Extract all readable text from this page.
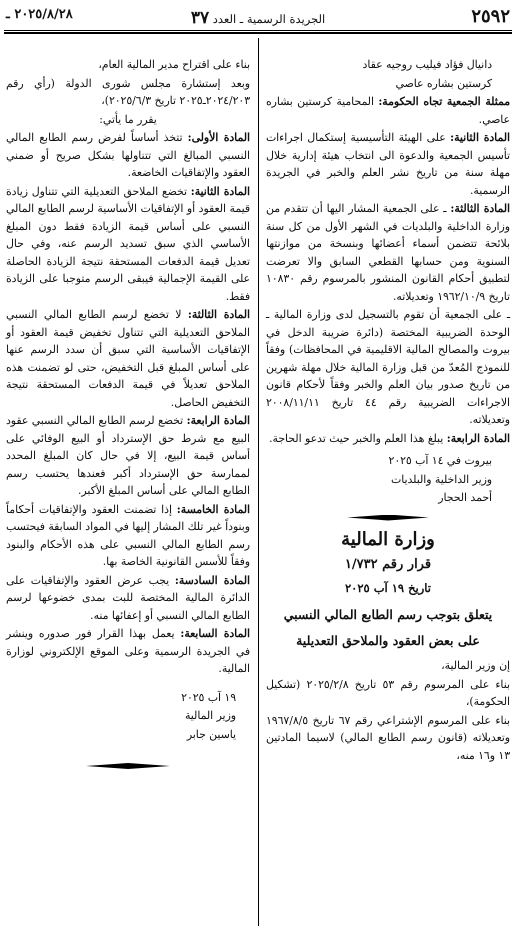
٢٥٩٢
الجريدة الرسمية ـ العدد ٣٧
٢٠٢٥/٨/٢٨ ـ

دانيال فؤاد فيليب روجيه عقاد

كرستين بشاره عاصي

ممثلة الجمعية تجاه الحكومة: المحامية كرستين بشاره عاصي.

المادة الثانية: على الهيئة التأسيسية إستكمال اجراءات تأسيس الجمعية والدعوة الى انتخاب هيئة إدارية خلال مهلة سنة من تاريخ نشر العلم والخبر في الجريدة الرسمية.

المادة الثالثة: ـ على الجمعية المشار اليها أن تتقدم من وزارة الداخلية والبلديات في الشهر الأول من كل سنة بلائحة تتضمن أسماء أعضائها وبنسخة من موازنتها السنوية ومن حسابها القطعي السابق والا تعرضت لتطبيق أحكام القانون المنشور بالمرسوم رقم ١٠٨٣٠ تاريخ ١٩٦٢/١٠/٩ وتعديلاته.

ـ على الجمعية أن تقوم بالتسجيل لدى وزارة المالية ـ الوحدة الضريبية المختصة (دائرة ضريبة الدخل في بيروت والمصالح المالية الاقليمية في المحافظات) وفقاً للنموذج المُعدّ من قبل وزارة المالية خلال مهلة شهرين من تاريخ صدور بيان العلم والخبر وفقاً لأحكام قانون الاجراءات الضريبية رقم ٤٤ تاريخ ٢٠٠٨/١١/١١ وتعديلاته.

المادة الرابعة: يبلغ هذا العلم والخبر حيث تدعو الحاجة.

بيروت في ١٤ آب ٢٠٢٥

وزير الداخلية والبلديات

أحمد الحجار

وزارة المالية

قرار رقم ١/٧٣٢

تاريخ ١٩ آب ٢٠٢٥

يتعلق بتوجب رسم الطابع المالي النسبي

على بعض العقود والملاحق التعديلية

إن وزير المالية،

بناء على المرسوم رقم ٥٣ تاريخ ٢٠٢٥/٢/٨ (تشكيل الحكومة)،

بناء على المرسوم الإشتراعي رقم ٦٧ تاريخ ١٩٦٧/٨/٥ وتعديلاته (قانون رسم الطابع المالي) لاسيما المادتين ١٣ و١٦ منه،

بناء على اقتراح مدير المالية العام،

وبعد إستشارة مجلس شورى الدولة (رأي رقم ٢٠٢٤/٢٠٣ـ٢٠٢٥ تاريخ ٢٠٢٥/٦/٣)،

يقرر ما يأتي:

المادة الأولى: تتخذ أساساً لفرض رسم الطابع المالي النسبي المبالغ التي تتناولها بشكل صريح أو ضمني العقود والإتفاقيات الخاضعة.

المادة الثانية: تخضع الملاحق التعديلية التي تتناول زيادة قيمة العقود أو الإتفاقيات الأساسية لرسم الطابع المالي النسبي على أساس قيمة الزيادة فقط دون المبلغ الأساسي الذي سبق تسديد الرسم عنه، وفي حال تعديل قيمة الدفعات المستحقة نتيجة الزيادة الحاصلة على القيمة الإجمالية فيبقى الرسم متوجبا على الزيادة فقط.

المادة الثالثة: لا تخضع لرسم الطابع المالي النسبي الملاحق التعديلية التي تتناول تخفيض قيمة العقود أو الإتفاقيات الأساسية التي سبق أن سدد الرسم عنها على أساس المبلغ قبل التخفيض، حتى لو تضمنت هذه الملاحق تعديلاً في قيمة الدفعات المستحقة نتيجة التخفيض الحاصل.

المادة الرابعة: تخضع لرسم الطابع المالي النسبي عقود البيع مع شرط حق الإسترداد أو البيع الوفائي على أساس قيمة البيع، إلا في حال كان المبلغ المحدد لممارسة حق الإسترداد أكبر فعندها يحتسب رسم الطابع المالي على أساس المبلغ الأكبر.

المادة الخامسة: إذا تضمنت العقود والإتفاقيات أحكاماً وبنوداً غير تلك المشار إليها في المواد السابقة فيحتسب رسم الطابع المالي النسبي على هذه الأحكام والبنود وفقاً للأسس القانونية الخاصة بها.

المادة السادسة: يجب عرض العقود والإتفاقيات على الدائرة المالية المختصة للبت بمدى خضوعها لرسم الطابع المالي النسبي أو إعفائها منه.

المادة السابعة: يعمل بهذا القرار فور صدوره وينشر في الجريدة الرسمية وعلى الموقع الإلكتروني لوزارة المالية.

١٩ آب ٢٠٢٥

وزير المالية

ياسين جابر
